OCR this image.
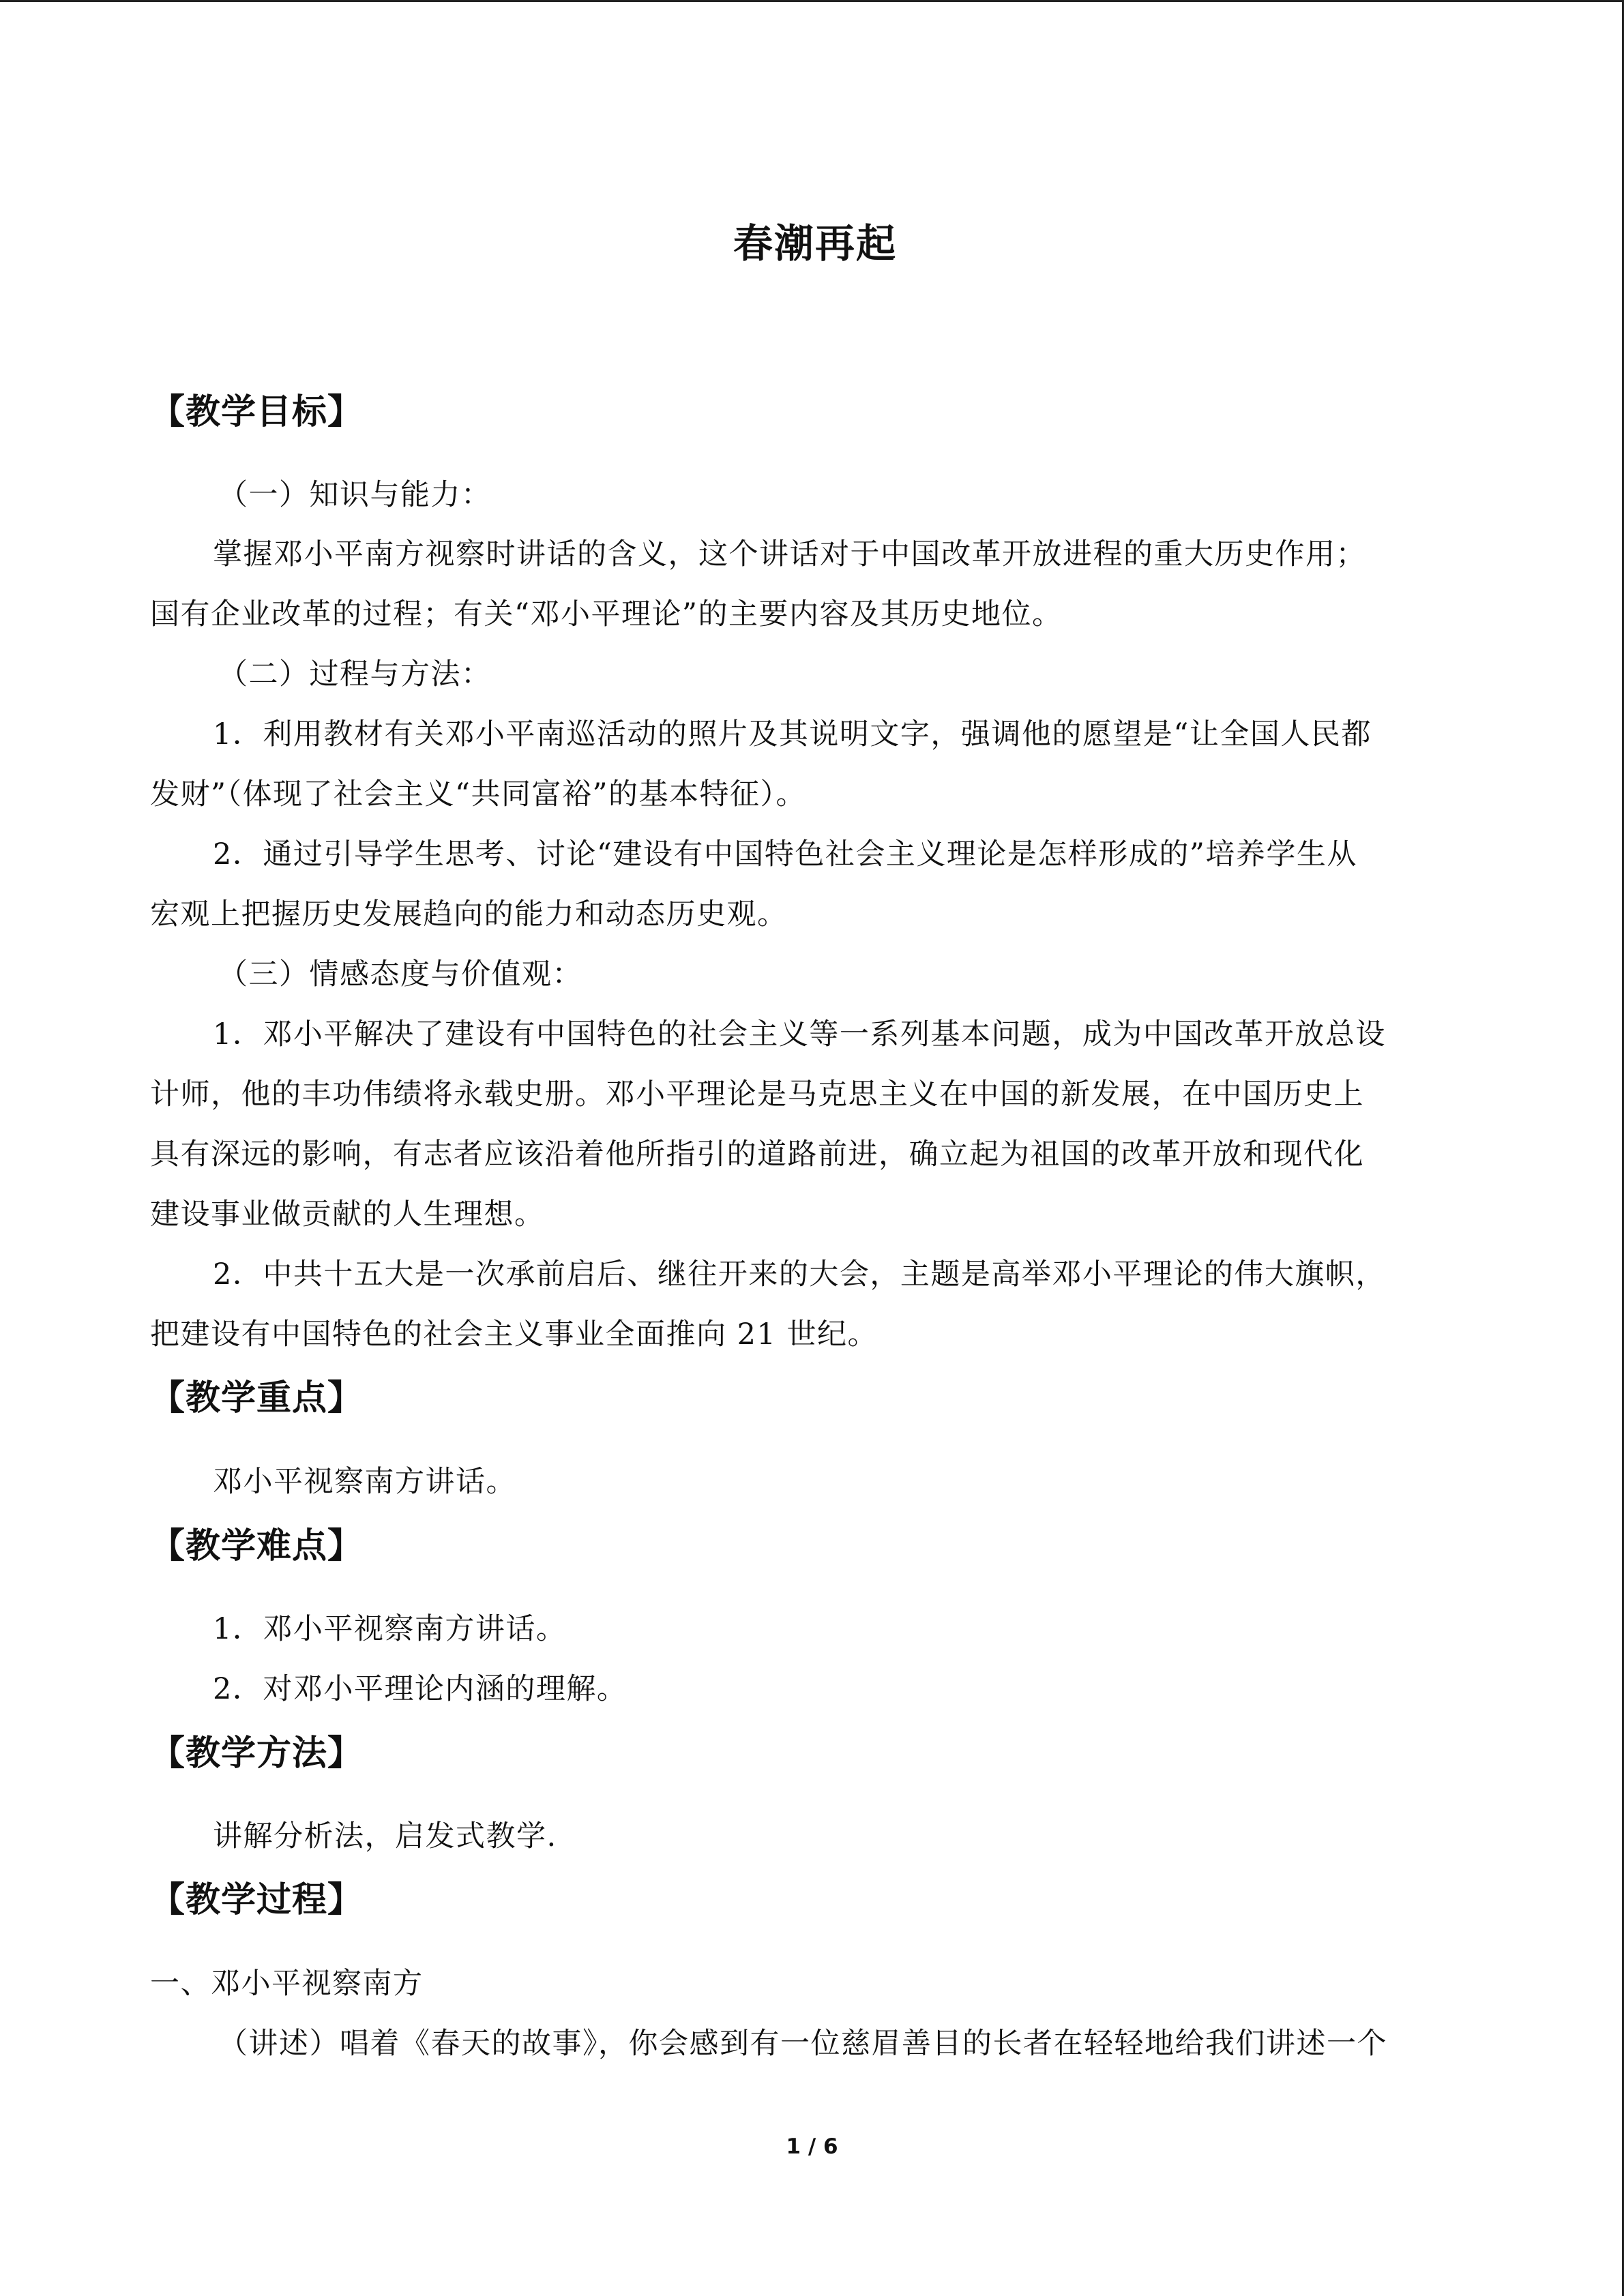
春潮再起
【教学目标】
（一）知识与能力：
掌握邓小平南方视察时讲话的含义，这个讲话对于中国改革开放进程的重大历史作用；
国有企业改革的过程；有关“邓小平理论”的主要内容及其历史地位。
（二）过程与方法：
1．利用教材有关邓小平南巡活动的照片及其说明文字，强调他的愿望是“让全国人民都
发财”（体现了社会主义“共同富裕”的基本特征）。
2．通过引导学生思考、讨论“建设有中国特色社会主义理论是怎样形成的”培养学生从
宏观上把握历史发展趋向的能力和动态历史观。
（三）情感态度与价值观：
1．邓小平解决了建设有中国特色的社会主义等一系列基本问题，成为中国改革开放总设
计师，他的丰功伟绩将永载史册。邓小平理论是马克思主义在中国的新发展，在中国历史上
具有深远的影响，有志者应该沿着他所指引的道路前进，确立起为祖国的改革开放和现代化
建设事业做贡献的人生理想。
2．中共十五大是一次承前启后、继往开来的大会，主题是高举邓小平理论的伟大旗帜，
把建设有中国特色的社会主义事业全面推向 21 世纪。
【教学重点】
邓小平视察南方讲话。
【教学难点】
1．邓小平视察南方讲话。
2．对邓小平理论内涵的理解。
【教学方法】
讲解分析法，启发式教学.
【教学过程】
一、邓小平视察南方
（讲述）唱着《春天的故事》，你会感到有一位慈眉善目的长者在轻轻地给我们讲述一个
1 / 6
